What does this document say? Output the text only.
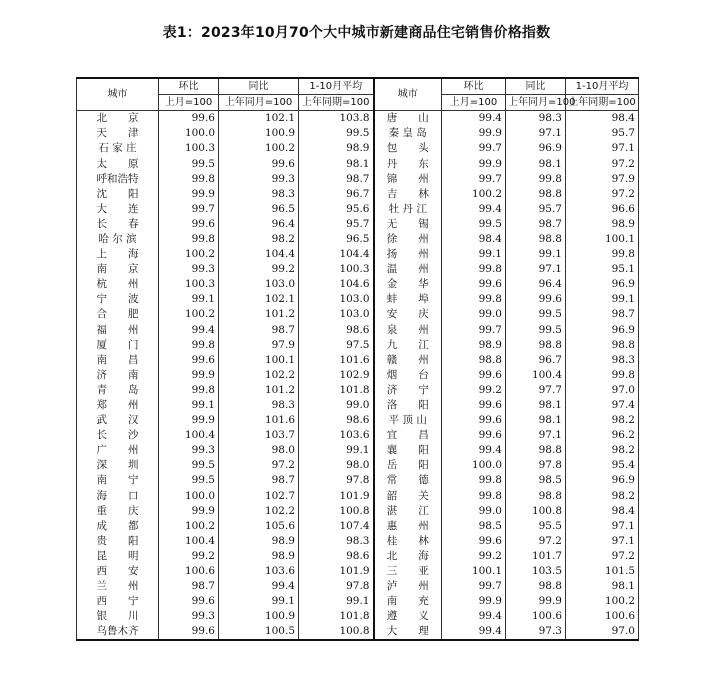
表1：2023年10月70个大中城市新建商品住宅销售价格指数
城市	环比	同比	1-10月平均	城市	环比	同比	1-10月平均
	上月=100	上年同月=100	上年同期=100		上月=100	上年同月=100	上年同期=100
北　　京	99.6	102.1	103.8	唐　　山	99.4	98.3	98.4
天　　津	100.0	100.9	99.5	秦 皇 岛	99.9	97.1	95.7
石 家 庄	100.3	100.2	98.9	包　　头	99.7	96.9	97.1
太　　原	99.5	99.6	98.1	丹　　东	99.9	98.1	97.2
呼和浩特	99.8	99.3	98.7	锦　　州	99.7	99.8	97.9
沈　　阳	99.9	98.3	96.7	吉　　林	100.2	98.8	97.2
大　　连	99.7	96.5	95.6	牡 丹 江	99.4	95.7	96.6
长　　春	99.6	96.4	95.7	无　　锡	99.5	98.7	98.9
哈 尔 滨	99.8	98.2	96.5	徐　　州	98.4	98.8	100.1
上　　海	100.2	104.4	104.4	扬　　州	99.1	99.1	99.8
南　　京	99.3	99.2	100.3	温　　州	99.8	97.1	95.1
杭　　州	100.3	103.0	104.6	金　　华	99.6	96.4	96.9
宁　　波	99.1	102.1	103.0	蚌　　埠	99.8	99.6	99.1
合　　肥	100.2	101.2	103.0	安　　庆	99.0	99.5	98.7
福　　州	99.4	98.7	98.6	泉　　州	99.7	99.5	96.9
厦　　门	99.8	97.9	97.5	九　　江	98.9	98.8	98.8
南　　昌	99.6	100.1	101.6	赣　　州	98.8	96.7	98.3
济　　南	99.9	102.2	102.9	烟　　台	99.6	100.4	99.8
青　　岛	99.8	101.2	101.8	济　　宁	99.2	97.7	97.0
郑　　州	99.1	98.3	99.0	洛　　阳	99.6	98.1	97.4
武　　汉	99.9	101.6	98.6	平 顶 山	99.6	98.1	98.2
长　　沙	100.4	103.7	103.6	宜　　昌	99.6	97.1	96.2
广　　州	99.3	98.0	99.1	襄　　阳	99.4	98.8	98.2
深　　圳	99.5	97.2	98.0	岳　　阳	100.0	97.8	95.4
南　　宁	99.5	98.7	97.8	常　　德	99.8	98.5	96.9
海　　口	100.0	102.7	101.9	韶　　关	99.8	98.8	98.2
重　　庆	99.9	102.2	100.8	湛　　江	99.0	100.8	98.4
成　　都	100.2	105.6	107.4	惠　　州	98.5	95.5	97.1
贵　　阳	100.4	98.9	98.3	桂　　林	99.6	97.2	97.1
昆　　明	99.2	98.9	98.6	北　　海	99.2	101.7	97.2
西　　安	100.6	103.6	101.9	三　　亚	100.1	103.5	101.5
兰　　州	98.7	99.4	97.8	泸　　州	99.7	98.8	98.1
西　　宁	99.6	99.1	99.1	南　　充	99.9	99.9	100.2
银　　川	99.3	100.9	101.8	遵　　义	99.4	100.6	100.6
乌鲁木齐	99.6	100.5	100.8	大　　理	99.4	97.3	97.0
